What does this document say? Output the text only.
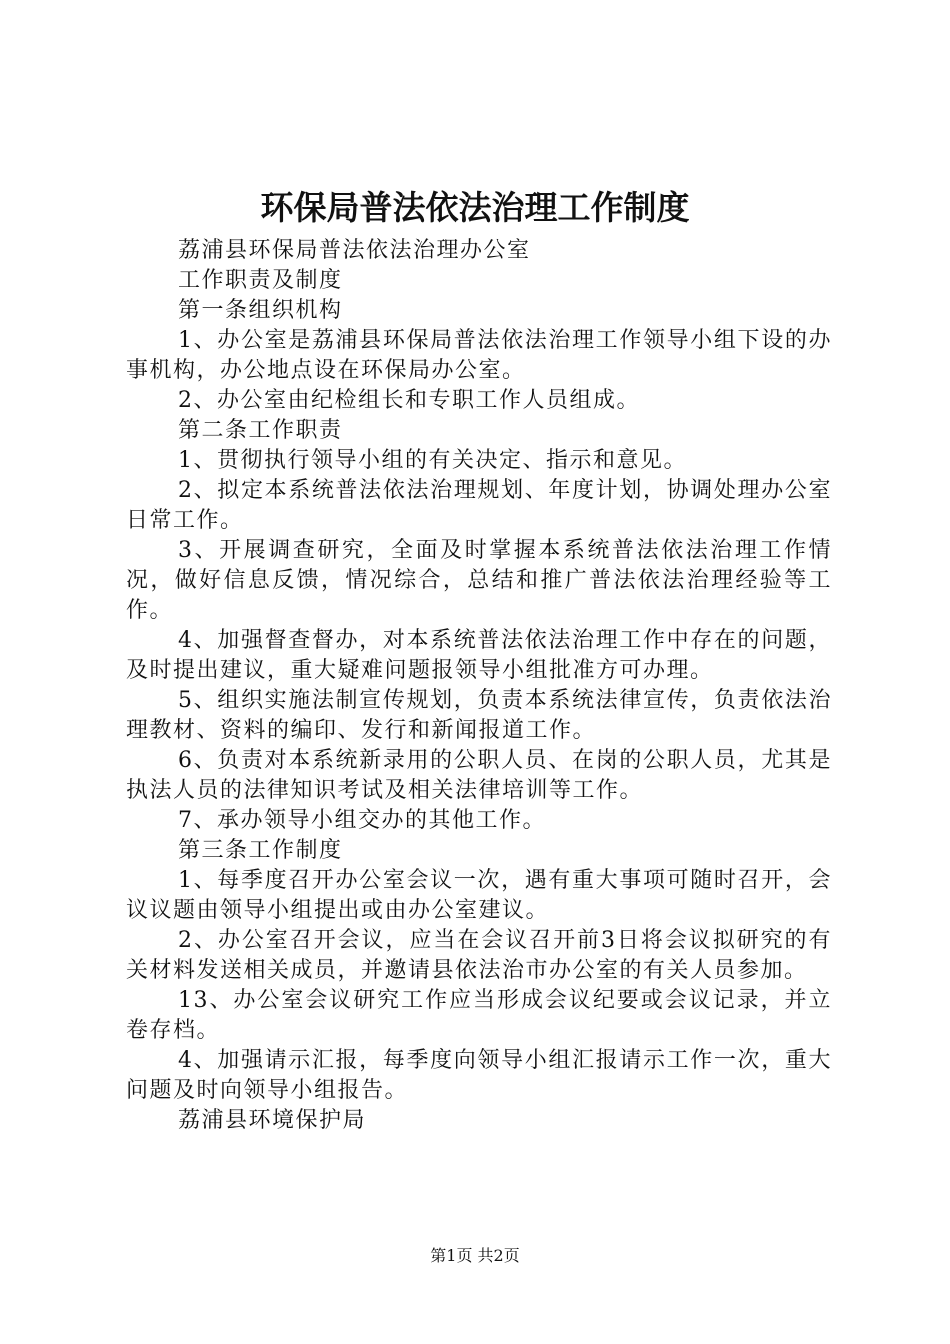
环保局普法依法治理工作制度

荔浦县环保局普法依法治理办公室

工作职责及制度

第一条组织机构

1、办公室是荔浦县环保局普法依法治理工作领导小组下设的办事机构，办公地点设在环保局办公室。

2、办公室由纪检组长和专职工作人员组成。

第二条工作职责

1、贯彻执行领导小组的有关决定、指示和意见。

2、拟定本系统普法依法治理规划、年度计划，协调处理办公室日常工作。

3、开展调查研究，全面及时掌握本系统普法依法治理工作情况，做好信息反馈，情况综合，总结和推广普法依法治理经验等工作。

4、加强督查督办，对本系统普法依法治理工作中存在的问题，及时提出建议，重大疑难问题报领导小组批准方可办理。

5、组织实施法制宣传规划，负责本系统法律宣传，负责依法治理教材、资料的编印、发行和新闻报道工作。

6、负责对本系统新录用的公职人员、在岗的公职人员，尤其是执法人员的法律知识考试及相关法律培训等工作。

7、承办领导小组交办的其他工作。

第三条工作制度

1、每季度召开办公室会议一次，遇有重大事项可随时召开，会议议题由领导小组提出或由办公室建议。

2、办公室召开会议，应当在会议召开前3日将会议拟研究的有关材料发送相关成员，并邀请县依法治市办公室的有关人员参加。

13、办公室会议研究工作应当形成会议纪要或会议记录，并立卷存档。

4、加强请示汇报，每季度向领导小组汇报请示工作一次，重大问题及时向领导小组报告。

荔浦县环境保护局

第1页 共2页
